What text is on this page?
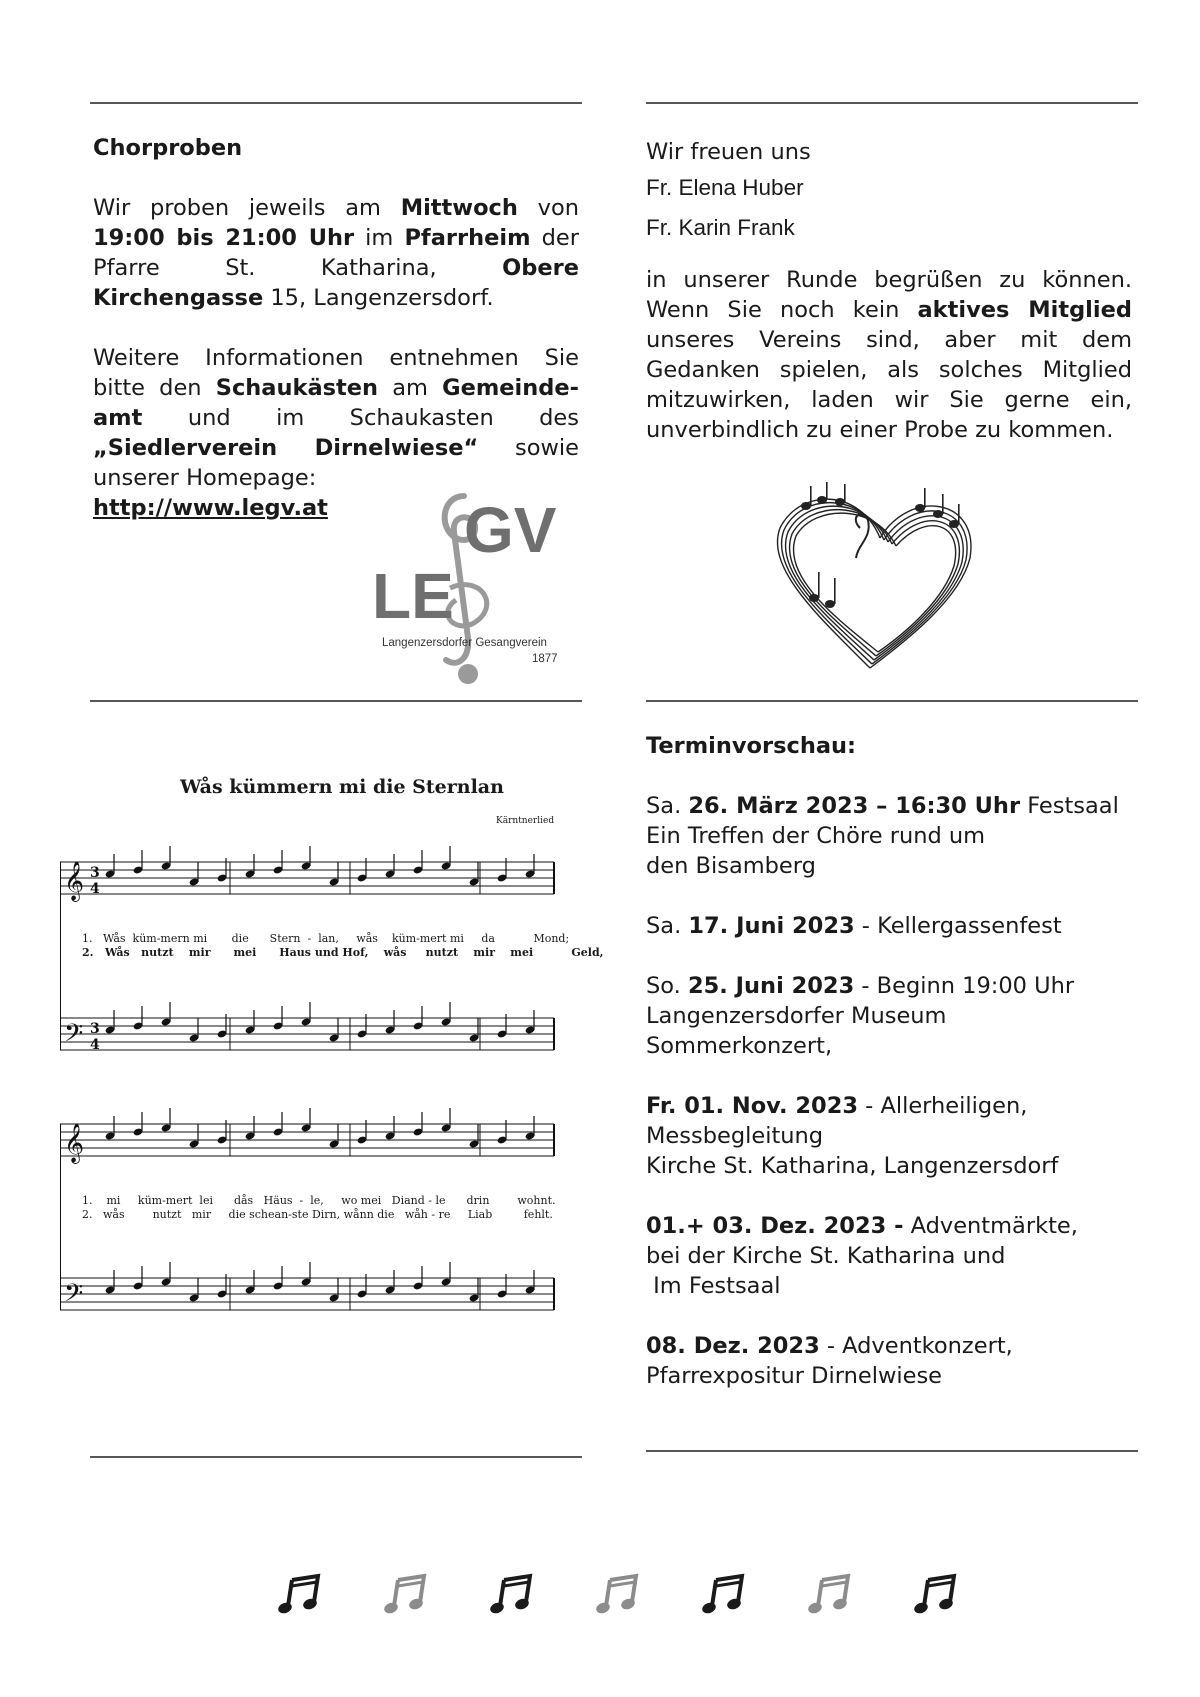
Chorproben

Wir proben jeweils am Mittwoch von 19:00 bis 21:00 Uhr im Pfarrheim der Pfarre St. Katharina, Obere Kirchengasse 15, Langenzersdorf.

Weitere Informationen entnehmen Sie bitte den Schaukästen am Gemeinde-amt und im Schaukasten des „Siedlerverein Dirnelwiese“ sowie unserer Homepage:

http://www.legv.at	GV
LE
Langenzersdorfer Gesangverein
1877

Wir freuen uns

Fr. Elena Huber

Fr. Karin Frank

in unserer Runde begrüßen zu können. Wenn Sie noch kein aktives Mitglied unseres Vereins sind, aber mit dem Gedanken spielen, als solches Mitglied mitzuwirken, laden wir Sie gerne ein, unverbindlich zu einer Probe zu kommen.

Wås kümmern mi die Sternlan
Kärntnerlied
𝄞
𝄢
𝄞
𝄢
3
4
3
4
1.   Wås  küm-mern mi       die      Stern  -  lan,     wås    küm-mert mi     da           Mond;
2.   Wås   nutzt    mir      mei      Haus und Hof,    wås     nutzt    mir    mei          Geld,
1.    mi     küm-mert  lei      dås   Häus  -  le,     wo mei   Diand - le      drin        wohnt.
2.   wås        nutzt   mir     die schean-ste Dirn, wånn die   wåh - re     Liab         fehlt.

Terminvorschau:

Sa. 26. März 2023 – 16:30 Uhr Festsaal

Ein Treffen der Chöre rund um

den Bisamberg

Sa. 17. Juni 2023 - Kellergassenfest

So. 25. Juni 2023 - Beginn 19:00 Uhr

Langenzersdorfer Museum

Sommerkonzert,

Fr. 01. Nov. 2023 - Allerheiligen,

Messbegleitung

Kirche St. Katharina, Langenzersdorf

01.+ 03. Dez. 2023 - Adventmärkte,

bei der Kirche St. Katharina und

Im Festsaal

08. Dez. 2023 - Adventkonzert,

Pfarrexpositur Dirnelwiese
